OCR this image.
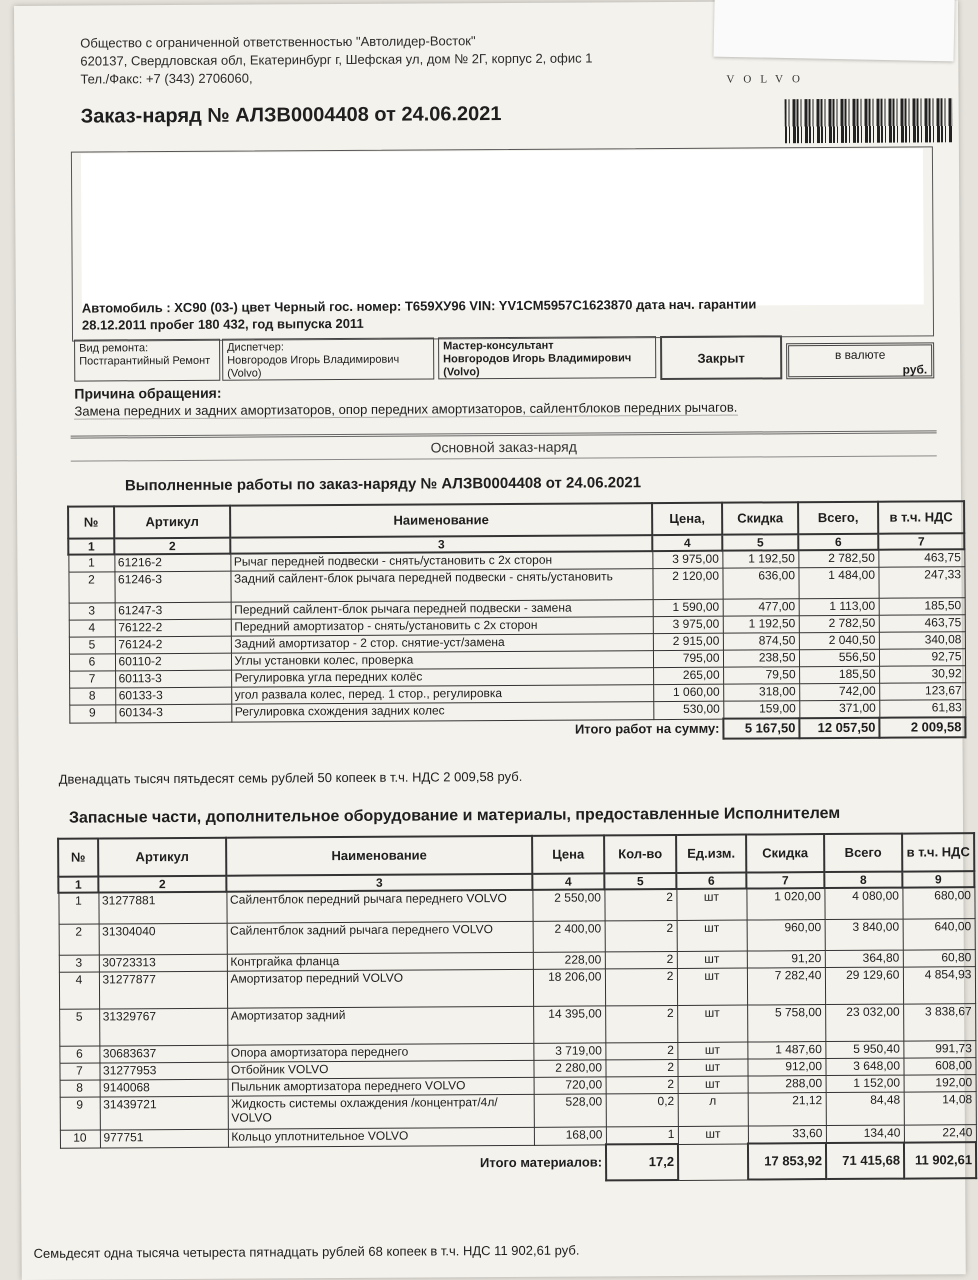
Общество с ограниченной ответственностью "Автолидер-Восток"
620137, Свердловская обл, Екатеринбург г, Шефская ул, дом № 2Г, корпус 2, офис 1
Тел./Факс: +7 (343) 2706060,	VOLVO
Заказ-наряд № АЛЗВ0004408 от 24.06.2021
Автомобиль : XC90 (03-) цвет Черный гос. номер: Т659ХУ96 VIN: YV1CM5957C1623870 дата нач. гарантии
28.12.2011 пробег 180 432, год выпуска 2011
Вид ремонта:
Постгарантийный Ремонт
Диспетчер:
Новгородов Игорь Владимирович (Volvo)
Мастер-консультант
Новгородов Игорь Владимирович (Volvo)
Закрыт	в валюте
руб.
Причина обращения:
Замена передних и задних амортизаторов, опор передних амортизаторов, сайлентблоков передних рычагов.
Основной заказ-наряд
Выполненные работы по заказ-наряду № АЛЗВ0004408 от 24.06.2021
№	Артикул	Наименование	Цена,	Скидка	Всего,	в т.ч. НДС
1	2	3	4	5	6	7
1	61216-2	Рычаг передней подвески - снять/установить с 2х сторон	3 975,00	1 192,50	2 782,50	463,75
2	61246-3	Задний сайлент-блок рычага передней подвески - снять/установить	2 120,00	636,00	1 484,00	247,33
3	61247-3	Передний сайлент-блок рычага передней подвески - замена	1 590,00	477,00	1 113,00	185,50
4	76122-2	Передний амортизатор - снять/установить с 2х сторон	3 975,00	1 192,50	2 782,50	463,75
5	76124-2	Задний амортизатор - 2 стор. снятие-уст/замена	2 915,00	874,50	2 040,50	340,08
6	60110-2	Углы установки колес, проверка	795,00	238,50	556,50	92,75
7	60113-3	Регулировка угла передних колёс	265,00	79,50	185,50	30,92
8	60133-3	угол развала колес, перед. 1 стор., регулировка	1 060,00	318,00	742,00	123,67
9	60134-3	Регулировка схождения задних колес	530,00	159,00	371,00	61,83
Итого работ на сумму:				5 167,50	12 057,50	2 009,58
Двенадцать тысяч пятьдесят семь рублей 50 копеек в т.ч. НДС 2 009,58 руб.
Запасные части, дополнительное оборудование и материалы, предоставленные Исполнителем
№	Артикул	Наименование	Цена	Кол-во	Ед.изм.	Скидка	Всего	в т.ч. НДС
1	2	3	4	5	6	7	8	9
1	31277881	Сайлентблок передний рычага переднего VOLVO	2 550,00	2	шт	1 020,00	4 080,00	680,00
2	31304040	Сайлентблок задний рычага переднего VOLVO	2 400,00	2	шт	960,00	3 840,00	640,00
3	30723313	Контргайка фланца	228,00	2	шт	91,20	364,80	60,80
4	31277877	Амортизатор передний VOLVO	18 206,00	2	шт	7 282,40	29 129,60	4 854,93
5	31329767	Амортизатор задний	14 395,00	2	шт	5 758,00	23 032,00	3 838,67
6	30683637	Опора амортизатора переднего	3 719,00	2	шт	1 487,60	5 950,40	991,73
7	31277953	Отбойник VOLVO	2 280,00	2	шт	912,00	3 648,00	608,00
8	9140068	Пыльник амортизатора переднего VOLVO	720,00	2	шт	288,00	1 152,00	192,00
9	31439721	Жидкость системы охлаждения /концентрат/4л/ VOLVO	528,00	0,2	л	21,12	84,48	14,08
10	977751	Кольцо уплотнительное VOLVO	168,00	1	шт	33,60	134,40	22,40
Итого материалов:				17,2		17 853,92	71 415,68	11 902,61
Семьдесят одна тысяча четыреста пятнадцать рублей 68 копеек в т.ч. НДС 11 902,61 руб.
